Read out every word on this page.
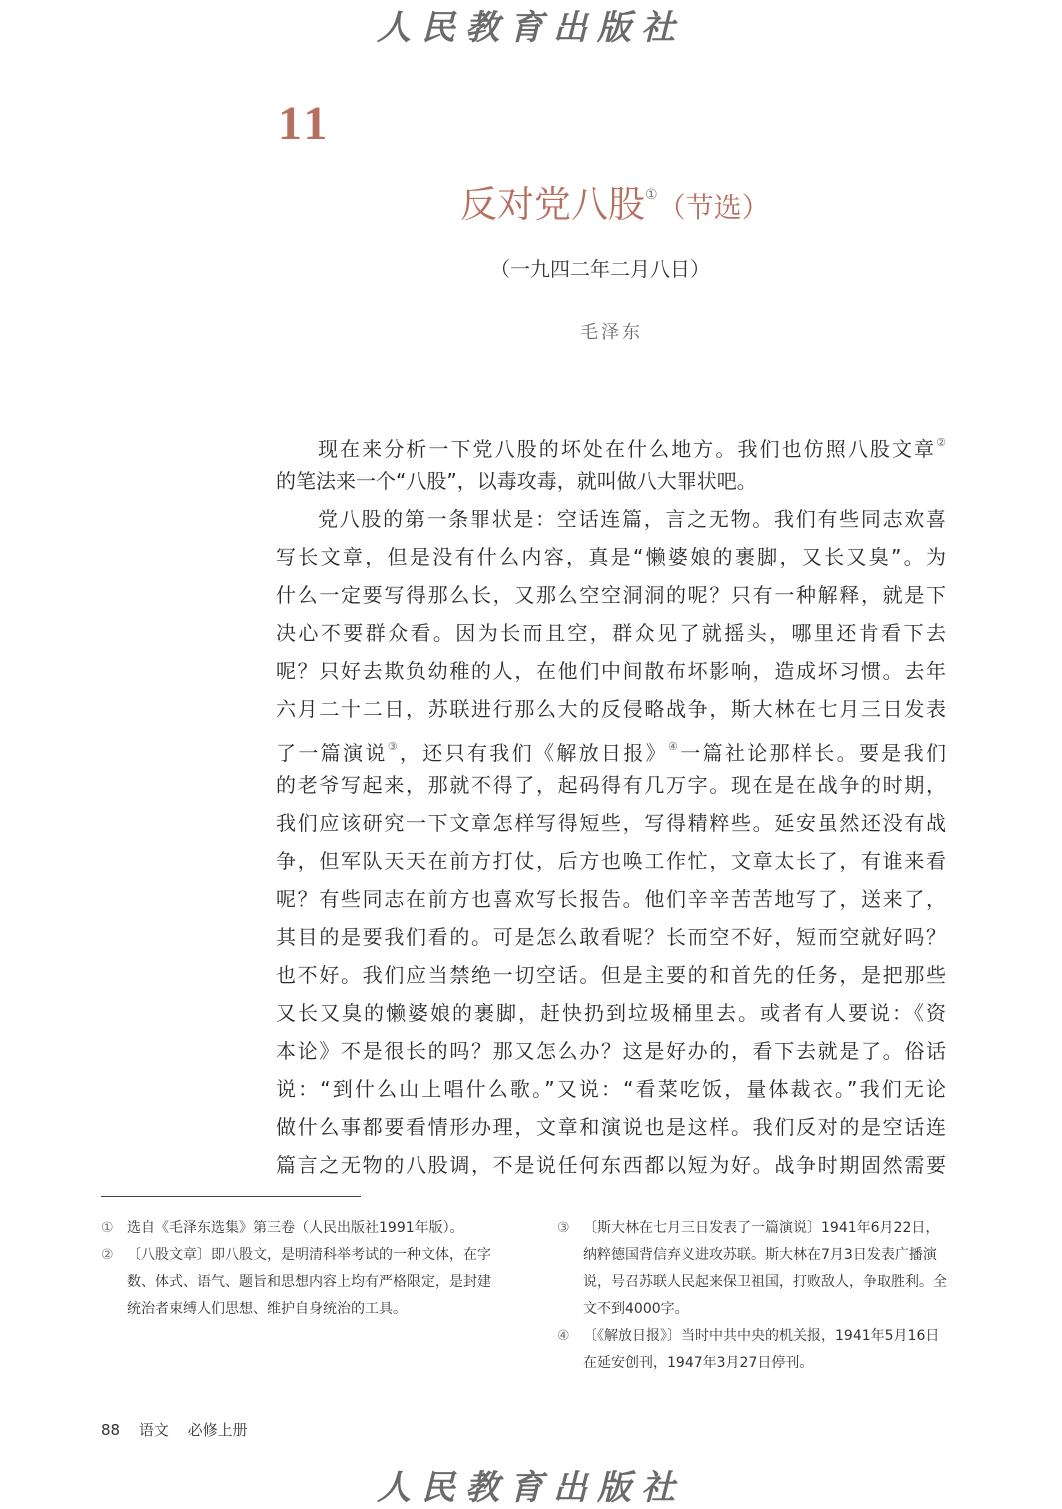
人民教育出版社
11
反对党八股①（节选）
（一九四二年二月八日）
毛泽东
现在来分析一下党八股的坏处在什么地方。我们也仿照八股文章②
的笔法来一个“八股”，以毒攻毒，就叫做八大罪状吧。
党八股的第一条罪状是：空话连篇，言之无物。我们有些同志欢喜
写长文章，但是没有什么内容，真是“懒婆娘的裹脚，又长又臭”。为
什么一定要写得那么长，又那么空空洞洞的呢？只有一种解释，就是下
决心不要群众看。因为长而且空，群众见了就摇头，哪里还肯看下去
呢？只好去欺负幼稚的人，在他们中间散布坏影响，造成坏习惯。去年
六月二十二日，苏联进行那么大的反侵略战争，斯大林在七月三日发表
了一篇演说③，还只有我们《解放日报》④一篇社论那样长。要是我们
的老爷写起来，那就不得了，起码得有几万字。现在是在战争的时期，
我们应该研究一下文章怎样写得短些，写得精粹些。延安虽然还没有战
争，但军队天天在前方打仗，后方也唤工作忙，文章太长了，有谁来看
呢？有些同志在前方也喜欢写长报告。他们辛辛苦苦地写了，送来了，
其目的是要我们看的。可是怎么敢看呢？长而空不好，短而空就好吗？
也不好。我们应当禁绝一切空话。但是主要的和首先的任务，是把那些
又长又臭的懒婆娘的裹脚，赶快扔到垃圾桶里去。或者有人要说：《资
本论》不是很长的吗？那又怎么办？这是好办的，看下去就是了。俗话
说：“到什么山上唱什么歌。”又说：“看菜吃饭，量体裁衣。”我们无论
做什么事都要看情形办理，文章和演说也是这样。我们反对的是空话连
篇言之无物的八股调，不是说任何东西都以短为好。战争时期固然需要
① 选自《毛泽东选集》第三卷（人民出版社1991年版）。
② 〔八股文章〕即八股文，是明清科举考试的一种文体，在字数、体式、语气、题旨和思想内容上均有严格限定，是封建统治者束缚人们思想、维护自身统治的工具。
③ 〔斯大林在七月三日发表了一篇演说〕1941年6月22日，纳粹德国背信弃义进攻苏联。斯大林在7月3日发表广播演说，号召苏联人民起来保卫祖国，打败敌人，争取胜利。全文不到4000字。
④ 〔《解放日报》〕当时中共中央的机关报，1941年5月16日在延安创刊，1947年3月27日停刊。
88 语文 必修上册
人民教育出版社
